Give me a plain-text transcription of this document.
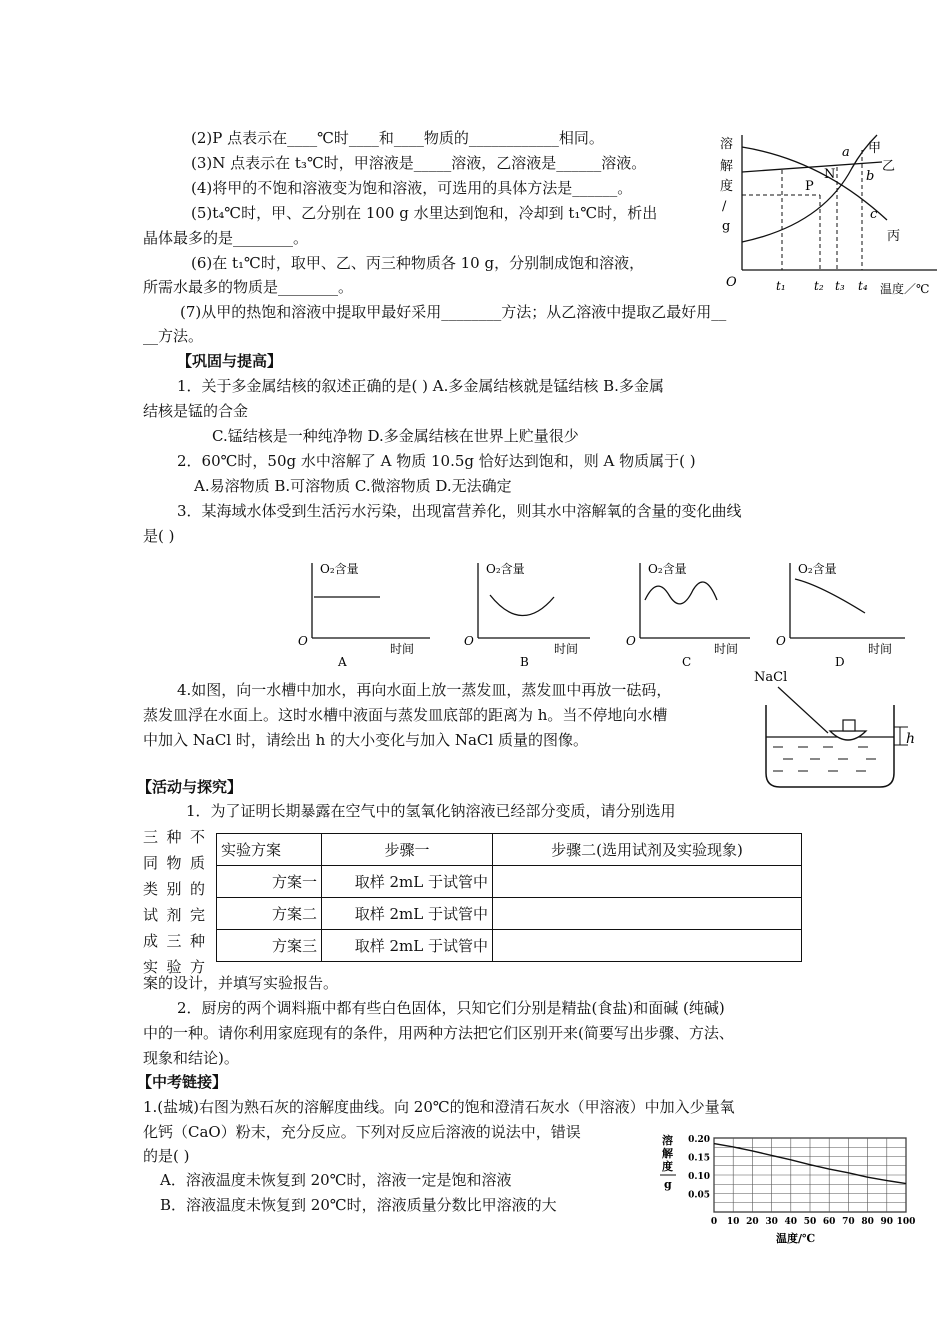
(2)P 点表示在____℃时____和____物质的____________相同。
(3)N 点表示在 t₃℃时，甲溶液是_____溶液，乙溶液是______溶液。
(4)将甲的不饱和溶液变为饱和溶液，可选用的具体方法是______。
(5)t₄℃时，甲、乙分别在 100 g 水里达到饱和，冷却到 t₁℃时，析出
晶体最多的是________。
(6)在 t₁℃时，取甲、乙、丙三种物质各 10 g，分别制成饱和溶液，
所需水最多的物质是________。
(7)从甲的热饱和溶液中提取甲最好采用________方法；从乙溶液中提取乙最好用__
__方法。
溶
解
度
/
g
O
P
N
a
b
c
甲
乙
丙
t₁ t₂ t₃ t₄ 温度／℃
【巩固与提高】
1．关于多金属结核的叙述正确的是( ) A.多金属结核就是锰结核 B.多金属
结核是锰的合金
C.锰结核是一种纯净物 D.多金属结核在世界上贮量很少
2．60℃时，50g 水中溶解了 A 物质 10.5g 恰好达到饱和，则 A 物质属于( )
A.易溶物质 B.可溶物质 C.微溶物质 D.无法确定
3．某海域水体受到生活污水污染，出现富营养化，则其水中溶解氧的含量的变化曲线
是( )
O₂含量
O
时间
A
O₂含量
O
时间
B
O₂含量
O
时间
C
O₂含量
O
时间
D
4.如图，向一水槽中加水，再向水面上放一蒸发皿，蒸发皿中再放一砝码，
蒸发皿浮在水面上。这时水槽中液面与蒸发皿底部的距离为 h。当不停地向水槽
中加入 NaCl 时，请绘出 h 的大小变化与加入 NaCl 质量的图像。
NaCl
h
【活动与探究】
1．为了证明长期暴露在空气中的氢氧化钠溶液已经部分变质，请分别选用
三 种 不
同 物 质
类 别 的
试 剂 完
成 三 种
实 验 方
实验方案	步骤一	步骤二(选用试剂及实验现象)
方案一	取样 2mL 于试管中	
方案二	取样 2mL 于试管中	
方案三	取样 2mL 于试管中	
案的设计，并填写实验报告。
2．厨房的两个调料瓶中都有些白色固体，只知它们分别是精盐(食盐)和面碱 (纯碱)
中的一种。请你利用家庭现有的条件，用两种方法把它们区别开来(简要写出步骤、方法、
现象和结论)。
【中考链接】
1.(盐城)右图为熟石灰的溶解度曲线。向 20℃的饱和澄清石灰水（甲溶液）中加入少量氧
化钙（CaO）粉末，充分反应。下列对反应后溶液的说法中，错误
的是( )
A．溶液温度未恢复到 20℃时，溶液一定是饱和溶液
B．溶液温度未恢复到 20℃时，溶液质量分数比甲溶液的大
溶
解
度
g
0.20
0.15
0.10
0.05
0 10 20 30 40 50 60 70 80 90 100
温度/℃
